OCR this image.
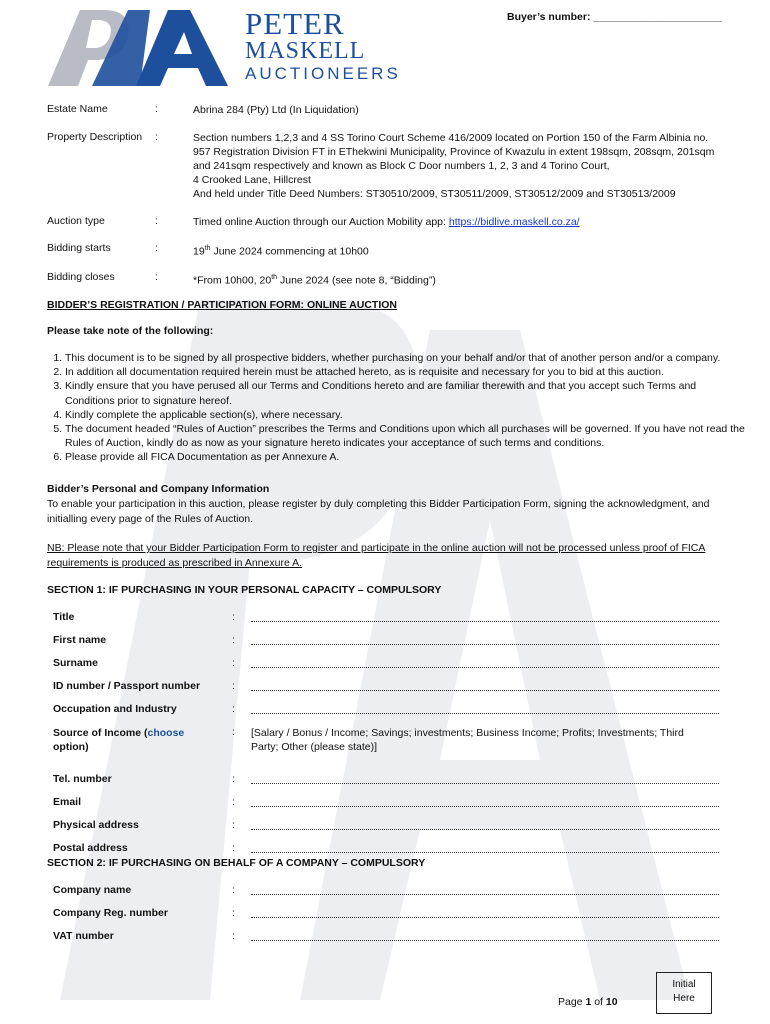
PETER
MASKELL
AUCTIONEERS
Buyer’s number: ______________________
Estate Name	:	Abrina 284 (Pty) Ltd (In Liquidation)
Property Description :	Section numbers 1,2,3 and 4 SS Torino Court Scheme 416/2009 located on Portion 150 of the Farm Albinia no.
957 Registration Division FT in EThekwini Municipality, Province of Kwazulu in extent 198sqm, 208sqm, 201sqm
and 241sqm respectively and known as Block C Door numbers 1, 2, 3 and 4 Torino Court,
4 Crooked Lane, Hillcrest
And held under Title Deed Numbers: ST30510/2009, ST30511/2009, ST30512/2009 and ST30513/2009
Auction type	:	Timed online Auction through our Auction Mobility app: https://bidlive.maskell.co.za/
Bidding starts	:	19th June 2024 commencing at 10h00
Bidding closes	:	*From 10h00, 20th June 2024 (see note 8, “Bidding”)
BIDDER’S REGISTRATION / PARTICIPATION FORM: ONLINE AUCTION
Please take note of the following:
1. This document is to be signed by all prospective bidders, whether purchasing on your behalf and/or that of another person and/or a company.
2. In addition all documentation required herein must be attached hereto, as is requisite and necessary for you to bid at this auction.
3. Kindly ensure that you have perused all our Terms and Conditions hereto and are familiar therewith and that you accept such Terms and Conditions prior to signature hereof.
4. Kindly complete the applicable section(s), where necessary.
5. The document headed “Rules of Auction” prescribes the Terms and Conditions upon which all purchases will be governed. If you have not read the Rules of Auction, kindly do as now as your signature hereto indicates your acceptance of such terms and conditions.
6. Please provide all FICA Documentation as per Annexure A.
Bidder’s Personal and Company Information
To enable your participation in this auction, please register by duly completing this Bidder Participation Form, signing the acknowledgment, and initialling every page of the Rules of Auction.
NB: Please note that your Bidder Participation Form to register and participate in the online auction will not be processed unless proof of FICA requirements is produced as prescribed in Annexure A.
SECTION 1: IF PURCHASING IN YOUR PERSONAL CAPACITY – COMPULSORY
Title	:
First name	:
Surname	:
ID number / Passport number	:
Occupation and Industry	:
Source of Income (choose
option)
: [Salary / Bonus / Income; Savings; investments; Business Income; Profits; Investments; Third
Party; Other (please state)]
Tel. number	:
Email	:
Physical address	:
Postal address	:
SECTION 2: IF PURCHASING ON BEHALF OF A COMPANY – COMPULSORY
Company name	:
Company Reg. number	:
VAT number	:
Page 1 of 10
Initial
Here
